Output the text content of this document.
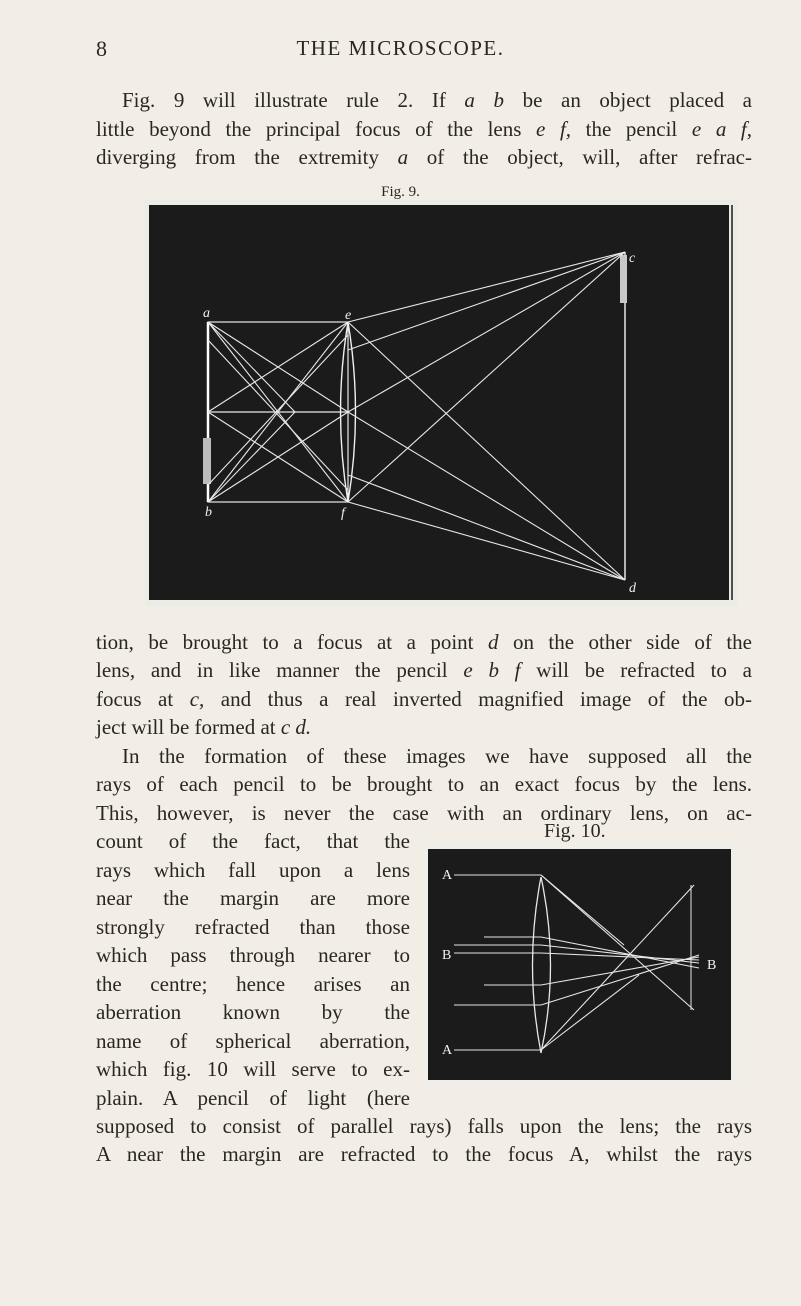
8	THE MICROSCOPE.
Fig. 9 will illustrate rule 2. If a b be an object placed a
little beyond the principal focus of the lens e f, the pencil e a f,
diverging from the extremity a of the object, will, after refrac-
Fig. 9.
a
b
c
d
e
f
tion, be brought to a focus at a point d on the other side of the
lens, and in like manner the pencil e b f will be refracted to a
focus at c, and thus a real inverted magnified image of the ob-
ject will be formed at c d.
In the formation of these images we have supposed all the
rays of each pencil to be brought to an exact focus by the lens.
This, however, is never the case with an ordinary lens, on ac-
count of the fact, that the
rays which fall upon a lens
near the margin are more
strongly refracted than those
which pass through nearer to
the centre; hence arises an
aberration known by the
name of spherical aberration,
which fig. 10 will serve to ex-
plain. A pencil of light (here
Fig. 10.
A
B
A
B
supposed to consist of parallel rays) falls upon the lens; the rays
A near the margin are refracted to the focus A, whilst the rays
